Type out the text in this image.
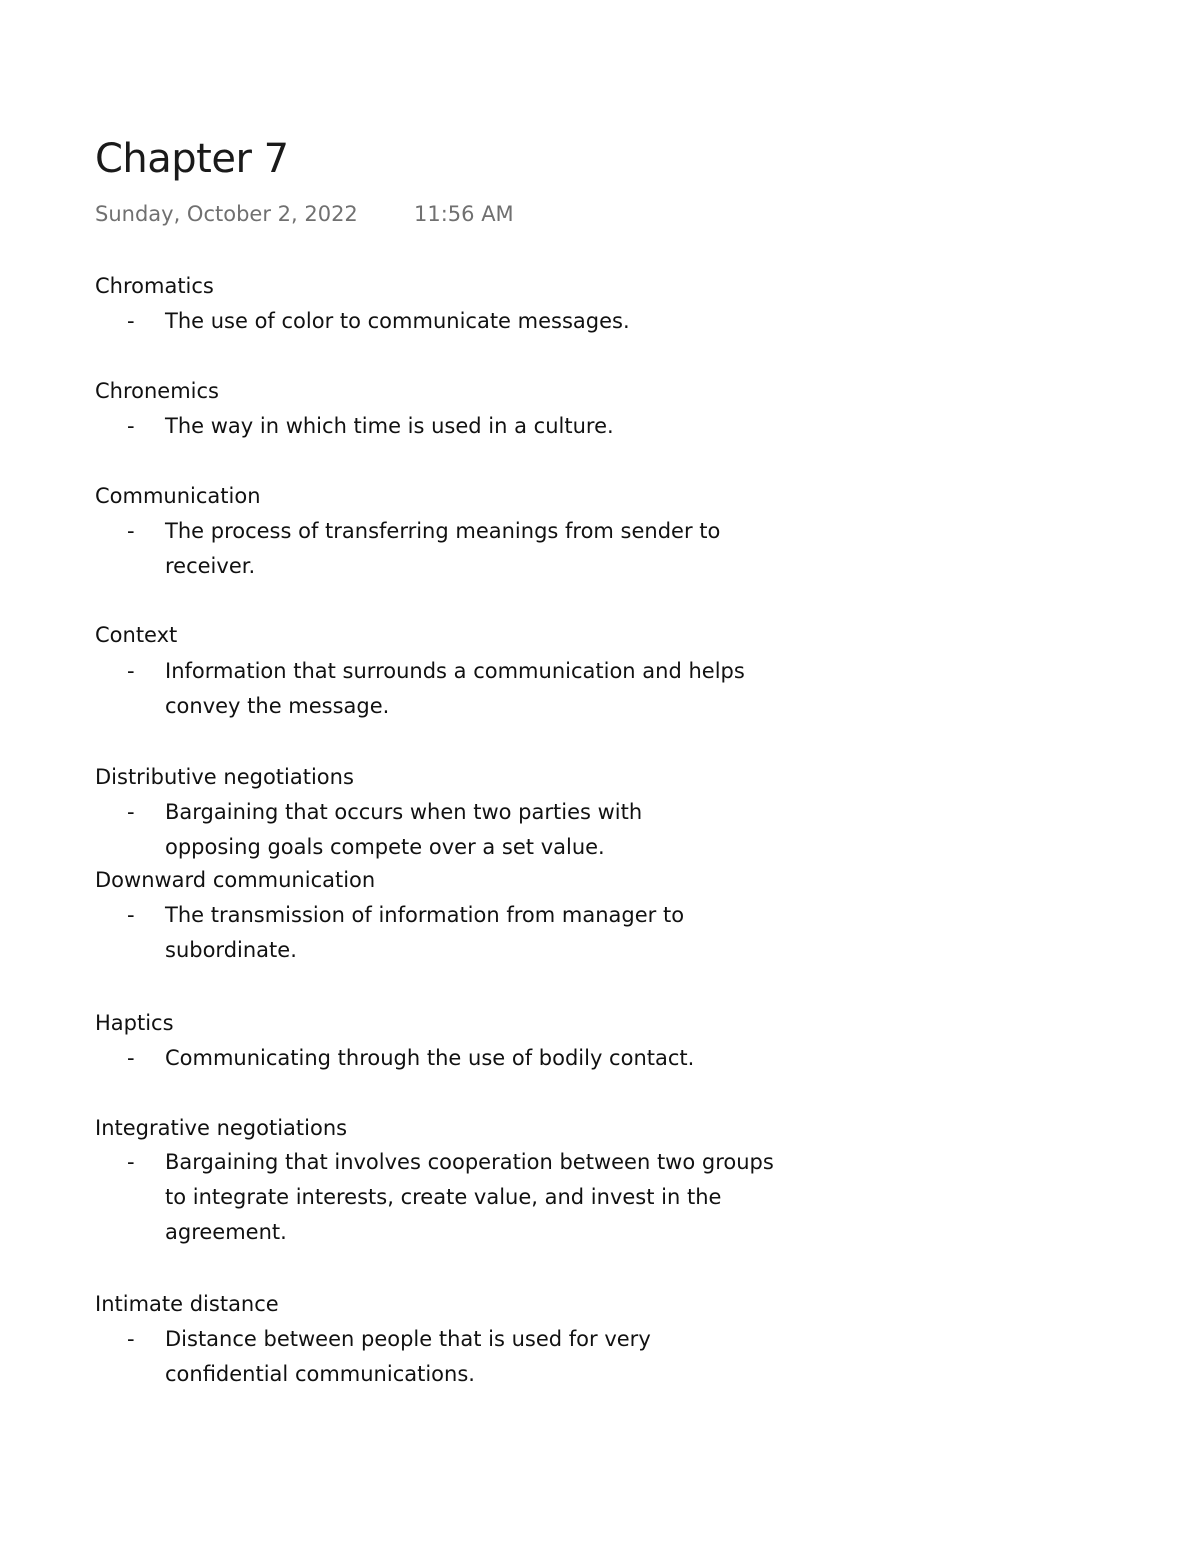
Chapter 7
Sunday, October 2, 2022	11:56 AM
Chromatics
- The use of color to communicate messages.
Chronemics
- The way in which time is used in a culture.
Communication
- The process of transferring meanings from sender to receiver.
Context
- Information that surrounds a communication and helps convey the message.
Distributive negotiations
- Bargaining that occurs when two parties with opposing goals compete over a set value.
Downward communication
- The transmission of information from manager to subordinate.
Haptics
- Communicating through the use of bodily contact.
Integrative negotiations
- Bargaining that involves cooperation between two groups to integrate interests, create value, and invest in the agreement.
Intimate distance
- Distance between people that is used for very confidential communications.
